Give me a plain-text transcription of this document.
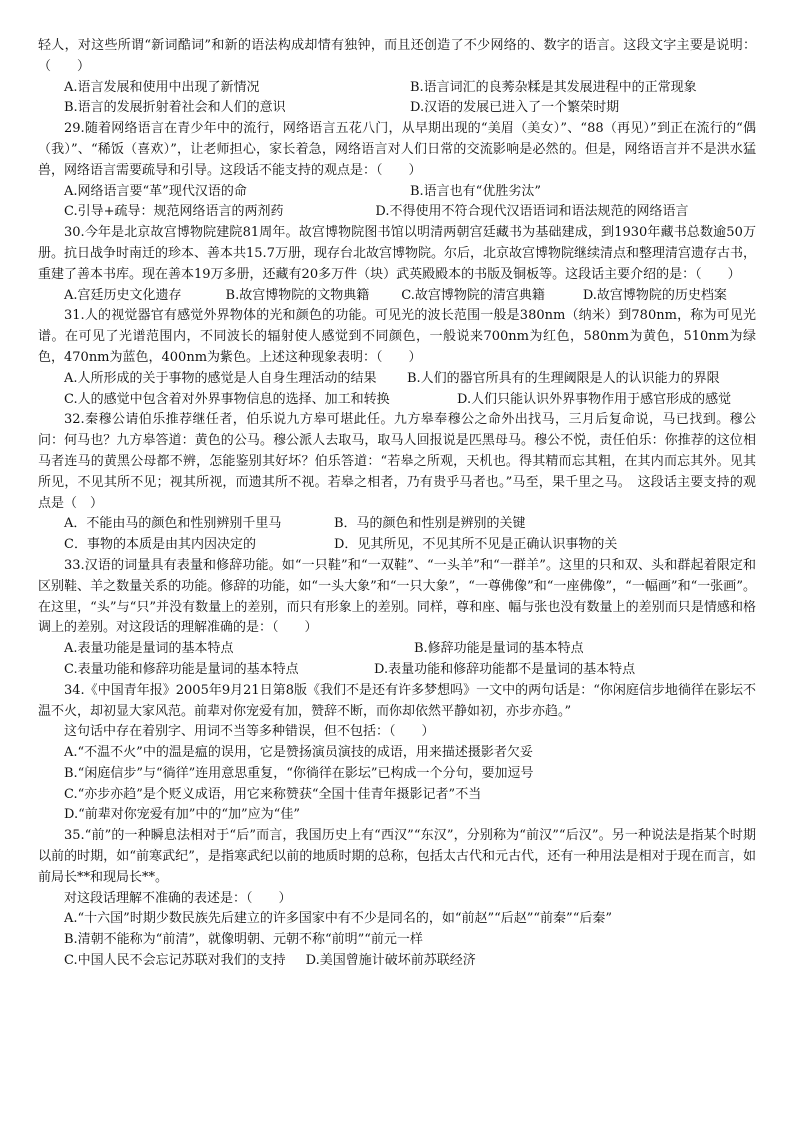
轻人，对这些所谓“新词酷词”和新的语法构成却情有独钟，而且还创造了不少网络的、数字的语言。这段文字主要是说明：（　　）

A.语言发展和使用中出现了新情况	B.语言词汇的良莠杂糅是其发展进程中的正常现象
B.语言的发展折射着社会和人们的意识	D.汉语的发展已进入了一个繁荣时期

29.随着网络语言在青少年中的流行，网络语言五花八门，从早期出现的“美眉（美女）”、“88（再见）”到正在流行的“偶（我）”、“稀饭（喜欢）”，让老师担心，家长着急，网络语言对人们日常的交流影响是必然的。但是，网络语言并不是洪水猛兽，网络语言需要疏导和引导。这段话不能支持的观点是：（　　）

A.网络语言要“革”现代汉语的命	B.语言也有“优胜劣汰”
C.引导+疏导：规范网络语言的两剂药	D.不得使用不符合现代汉语语词和语法规范的网络语言

30.今年是北京故宫博物院建院81周年。故宫博物院图书馆以明清两朝宫廷藏书为基础建成，到1930年藏书总数逾50万册。抗日战争时南迁的珍本、善本共15.7万册，现存台北故宫博物院。尔后，北京故宫博物院继续清点和整理清宫遗存古书，重建了善本书库。现在善本19万多册，还藏有20多万件（块）武英殿殿本的书版及铜板等。这段话主要介绍的是：（　　）

A.宫廷历史文化遗存	B.故宫博物院的文物典籍 C.故宫博物院的清宫典籍	D.故宫博物院的历史档案

31.人的视觉器官有感觉外界物体的光和颜色的功能。可见光的波长范围一般是380nm（纳米）到780nm，称为可见光谱。在可见了光谱范围内，不同波长的辐射使人感觉到不同颜色，一般说来700nm为红色，580nm为黄色，510nm为绿色，470nm为蓝色，400nm为紫色。上述这种现象表明：（　　）

A.人所形成的关于事物的感觉是人自身生理活动的结果	B.人们的器官所具有的生理阈限是人的认识能力的界限
C.人的感觉中包含着对外界事物信息的选择、加工和转换	D.人们只能认识外界事物作用于感官形成的感觉

32.秦穆公请伯乐推荐继任者，伯乐说九方皋可堪此任。九方皋奉穆公之命外出找马，三月后复命说，马已找到。穆公问：何马也？九方皋答道：黄色的公马。穆公派人去取马，取马人回报说是匹黑母马。穆公不悦，责任伯乐：你推荐的这位相马者连马的黄黑公母都不辨，怎能鉴别其好坏？伯乐答道：“若皋之所观，天机也。得其精而忘其粗，在其内而忘其外。见其所见，不见其所不见；视其所视，而遗其所不视。若皋之相者，乃有贵乎马者也。”马至，果千里之马。　这段话主要支持的观点是（　）

A．不能由马的颜色和性别辨别千里马	B．马的颜色和性别是辨别的关键
C．事物的本质是由其内因决定的	D．见其所见，不见其所不见是正确认识事物的关

33.汉语的词量具有表量和修辞功能。如“一只鞋”和“一双鞋”、“一头羊”和“一群羊”。这里的只和双、头和群起着限定和区别鞋、羊之数量关系的功能。修辞的功能，如“一头大象”和“一只大象”，“一尊佛像”和“一座佛像”，“一幅画”和“一张画”。在这里，“头”与“只”并没有数量上的差别，而只有形象上的差别。同样，尊和座、幅与张也没有数量上的差别而只是情感和格调上的差别。对这段话的理解准确的是：（　　）

A.表量功能是量词的基本特点	B.修辞功能是量词的基本特点
C.表量功能和修辞功能是量词的基本特点	D.表量功能和修辞功能都不是量词的基本特点

34.《中国青年报》2005年9月21日第8版《我们不是还有许多梦想吗》一文中的两句话是：“你闲庭信步地徜徉在影坛不温不火，却初显大家风范。前辈对你宠爱有加，赞辞不断，而你却依然平静如初，亦步亦趋。”

这句话中存在着别字、用词不当等多种错误，但不包括：（　　）

A.“不温不火”中的温是瘟的误用，它是赞扬演员演技的成语，用来描述摄影者欠妥

B.“闲庭信步”与“徜徉”连用意思重复，“你徜徉在影坛”已构成一个分句，要加逗号

C.“亦步亦趋”是个贬义成语，用它来称赞获“全国十佳青年摄影记者”不当

D.“前辈对你宠爱有加”中的“加”应为“佳”

35.“前”的一种瞬息法相对于“后”而言，我国历史上有“西汉”“东汉”，分别称为“前汉”“后汉”。另一种说法是指某个时期以前的时期，如“前寒武纪”，是指寒武纪以前的地质时期的总称，包括太古代和元古代，还有一种用法是相对于现在而言，如前局长**和现局长**。

对这段话理解不准确的表述是：（　　）

A.“十六国”时期少数民族先后建立的许多国家中有不少是同名的，如“前赵”“后赵”“前秦”“后秦”

B.清朝不能称为“前清”，就像明朝、元朝不称“前明”“前元一样

C.中国人民不会忘记苏联对我们的支持 D.美国曾施计破坏前苏联经济
